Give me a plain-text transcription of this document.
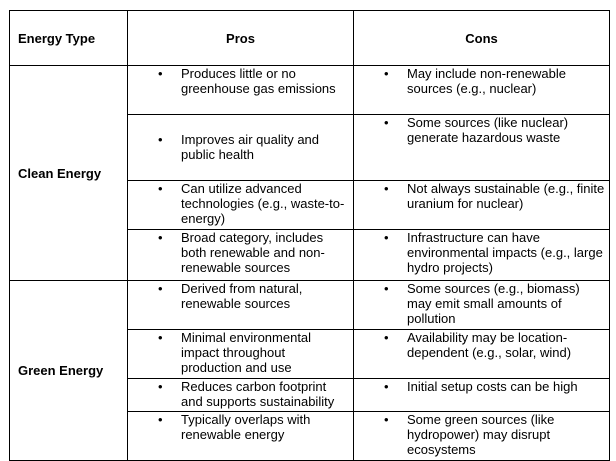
Energy Type	Pros	Cons
Clean Energy	• Produces little or no greenhouse gas emissions	• May include non-renewable sources (e.g., nuclear)

	• Improves air quality and public health	• Some sources (like nuclear) generate hazardous waste

	• Can utilize advanced technologies (e.g., waste-to-energy)	• Not always sustainable (e.g., finite uranium for nuclear)

	• Broad category, includes both renewable and non-renewable sources	• Infrastructure can have environmental impacts (e.g., large hydro projects)

Green Energy	• Derived from natural, renewable sources	• Some sources (e.g., biomass) may emit small amounts of pollution

	• Minimal environmental impact throughout production and use	• Availability may be location-dependent (e.g., solar, wind)

	• Reduces carbon footprint and supports sustainability	• Initial setup costs can be high

	• Typically overlaps with renewable energy	• Some green sources (like hydropower) may disrupt ecosystems
